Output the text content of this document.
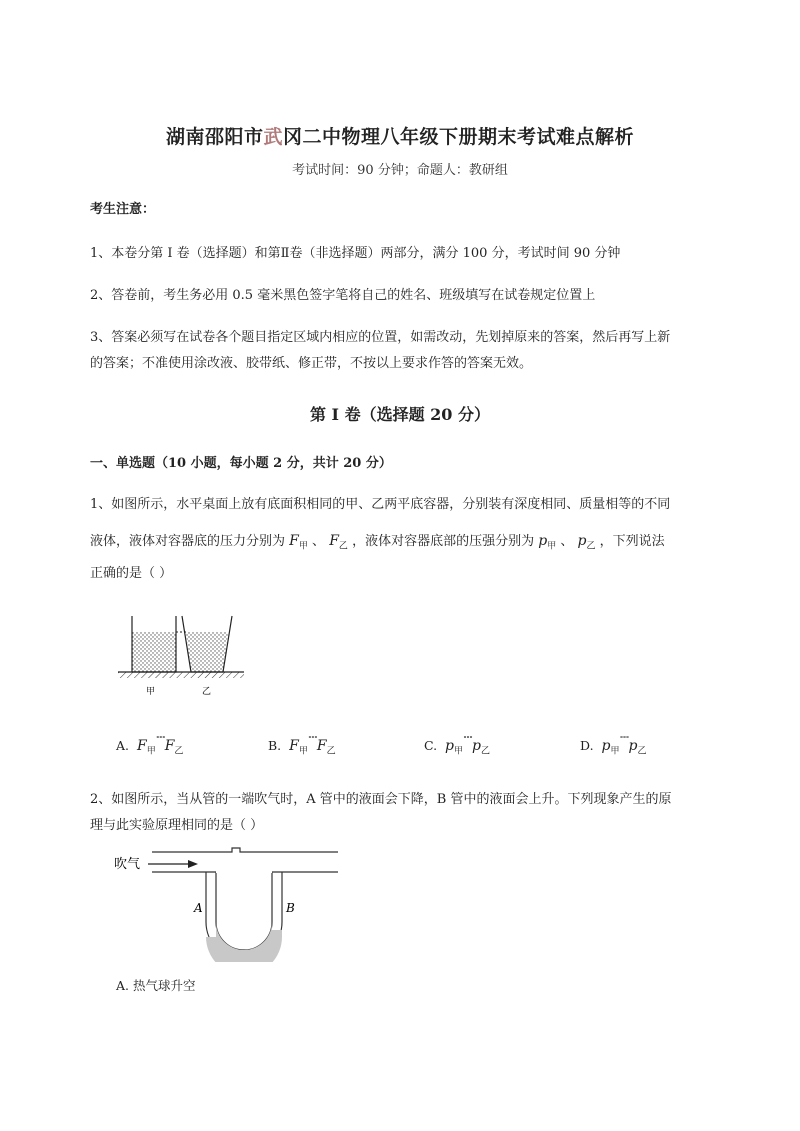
湖南邵阳市武冈二中物理八年级下册期末考试难点解析
考试时间：90 分钟；命题人：教研组
考生注意：
1、本卷分第 I 卷（选择题）和第Ⅱ卷（非选择题）两部分，满分 100 分，考试时间 90 分钟
2、答卷前，考生务必用 0.5 毫米黑色签字笔将自己的姓名、班级填写在试卷规定位置上
3、答案必须写在试卷各个题目指定区域内相应的位置，如需改动，先划掉原来的答案，然后再写上新
的答案；不准使用涂改液、胶带纸、修正带，不按以上要求作答的答案无效。
第 I 卷（选择题 20 分）
一、单选题（10 小题，每小题 2 分，共计 20 分）
1、如图所示，水平桌面上放有底面积相同的甲、乙两平底容器，分别装有深度相同、质量相等的不同
液体，液体对容器底的压力分别为 $F_甲$ 、 $F_乙$ ，液体对容器底部的压强分别为 $p_甲$ 、 $p_乙$ ，下列说法
正确的是（ ）
甲	乙
A. $F_甲^{˚˚˚}F_乙$	B. $F_甲^{˚˚˚}F_乙$	C. $p_甲^{˚˚˚}p_乙$	D. $p_甲^{˚˚˚}p_乙$
2、如图所示，当从管的一端吹气时，A 管中的液面会下降，B 管中的液面会上升。下列现象产生的原
理与此实验原理相同的是（ ）
吹气
A	B
A. 热气球升空
